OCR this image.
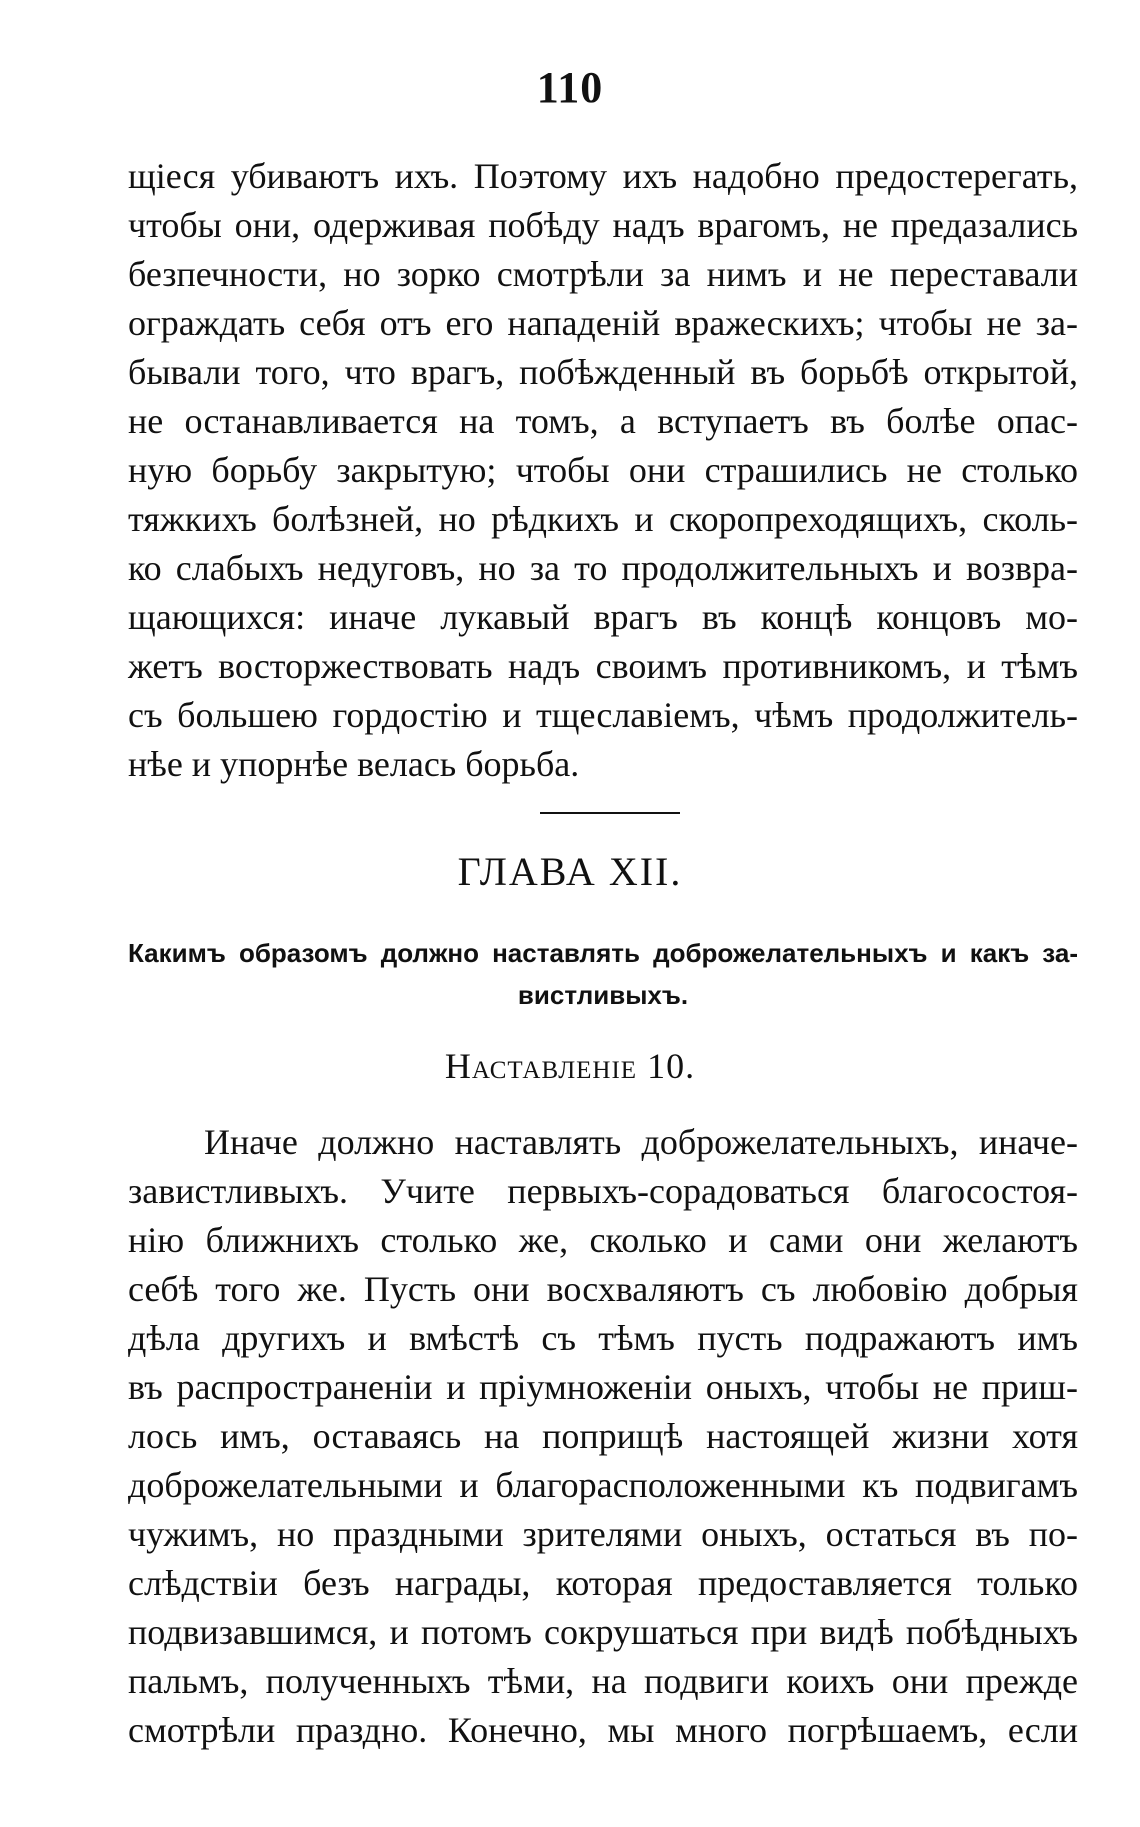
110
щіеся убиваютъ ихъ. Поэтому ихъ надобно предостерегать,
чтобы они, одерживая побѣду надъ врагомъ, не предазались
безпечности, но зорко смотрѣли за нимъ и не переставали
ограждать себя отъ его нападеній вражескихъ; чтобы не за-
бывали того, что врагъ, побѣжденный въ борьбѣ открытой,
не останавливается на томъ, а вступаетъ въ болѣе опас-
ную борьбу закрытую; чтобы они страшились не столько
тяжкихъ болѣзней, но рѣдкихъ и скоропреходящихъ, сколь-
ко слабыхъ недуговъ, но за то продолжительныхъ и возвра-
щающихся: иначе лукавый врагъ въ концѣ концовъ мо-
жетъ восторжествовать надъ своимъ противникомъ, и тѣмъ
съ большею гордостію и тщеславіемъ, чѣмъ продолжитель-
нѣе и упорнѣе велась борьба.
ГЛАВА XII.
Какимъ образомъ должно наставлять доброжелательныхъ и какъ за-
вистливыхъ.
Наставленіе 10.
Иначе должно наставлять доброжелательныхъ, иначе-
завистливыхъ. Учите первыхъ-сорадоваться благосостоя-
нію ближнихъ столько же, сколько и сами они желаютъ
себѣ того же. Пусть они восхваляютъ съ любовію добрыя
дѣла другихъ и вмѣстѣ съ тѣмъ пусть подражаютъ имъ
въ распространеніи и пріумноженіи оныхъ, чтобы не приш-
лось имъ, оставаясь на поприщѣ настоящей жизни хотя
доброжелательными и благорасположенными къ подвигамъ
чужимъ, но праздными зрителями оныхъ, остаться въ по-
слѣдствіи безъ награды, которая предоставляется только
подвизавшимся, и потомъ сокрушаться при видѣ побѣдныхъ
пальмъ, полученныхъ тѣми, на подвиги коихъ они прежде
смотрѣли праздно. Конечно, мы много погрѣшаемъ, если
